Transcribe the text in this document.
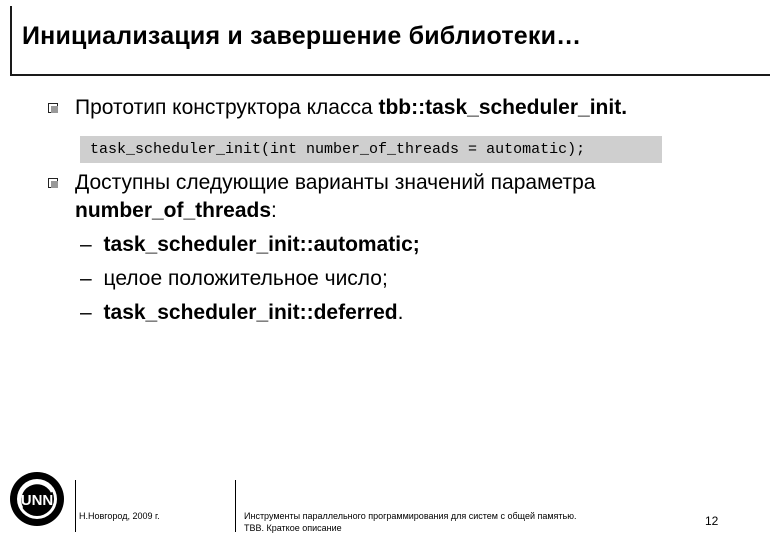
Инициализация и завершение библиотеки…
Прототип конструктора класса tbb::task_scheduler_init.
task_scheduler_init(int number_of_threads = automatic);
Доступны следующие варианты значений параметра
number_of_threads:
– task_scheduler_init::automatic;
– целое положительное число;
– task_scheduler_init::deferred.
UNN
Н.Новгород, 2009 г.	Инструменты параллельного программирования для систем с общей памятью.
TBB. Краткое описание	12
